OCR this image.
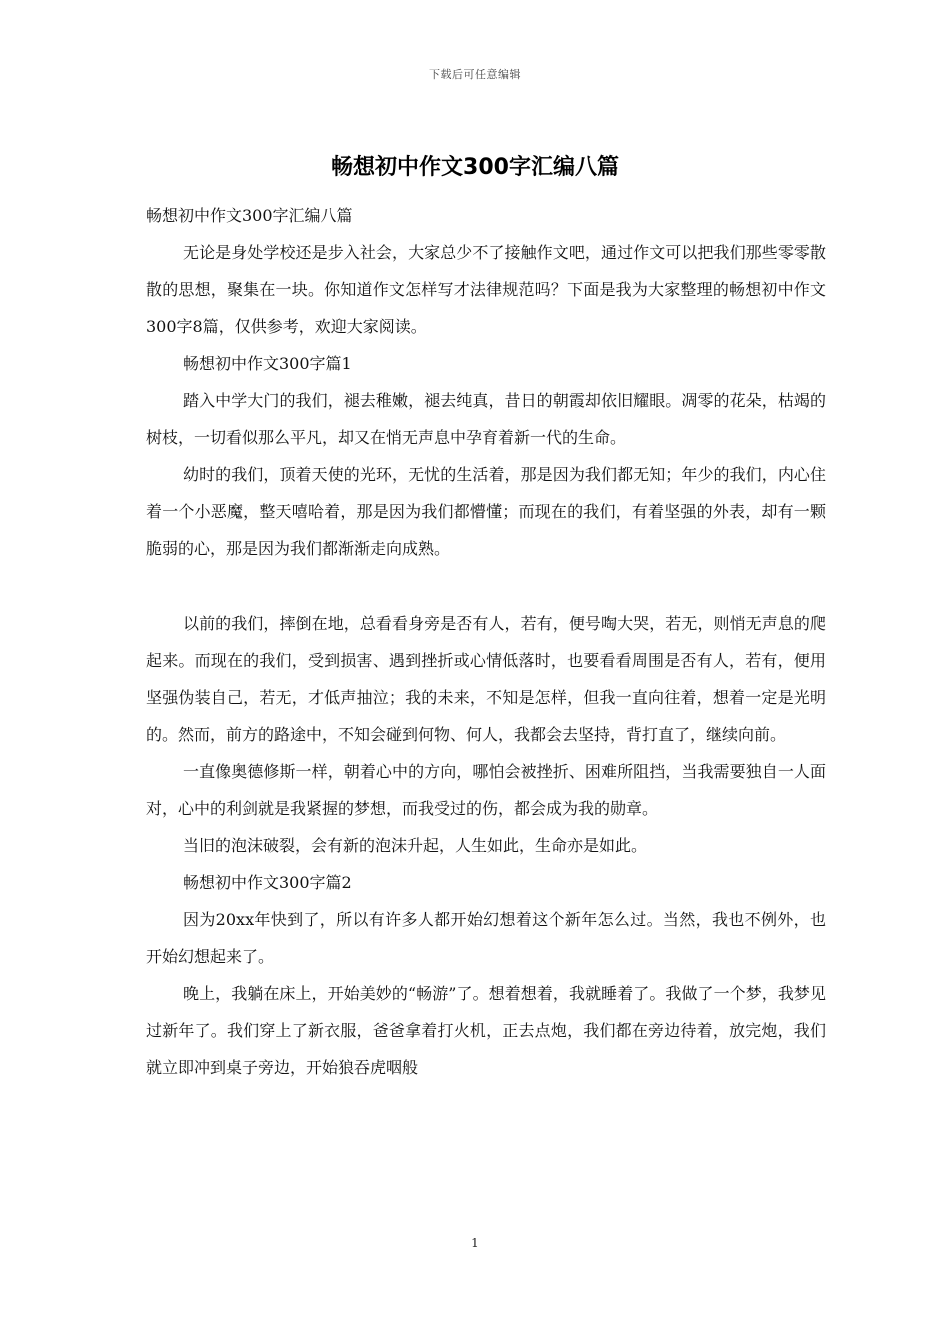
下载后可任意编辑
畅想初中作文300字汇编八篇

畅想初中作文300字汇编八篇

无论是身处学校还是步入社会，大家总少不了接触作文吧，通过作文可以把我们那些零零散散的思想，聚集在一块。你知道作文怎样写才法律规范吗？下面是我为大家整理的畅想初中作文300字8篇，仅供参考，欢迎大家阅读。

畅想初中作文300字篇1

踏入中学大门的我们，褪去稚嫩，褪去纯真，昔日的朝霞却依旧耀眼。凋零的花朵，枯竭的树枝，一切看似那么平凡，却又在悄无声息中孕育着新一代的生命。

幼时的我们，顶着天使的光环，无忧的生活着，那是因为我们都无知；年少的我们，内心住着一个小恶魔，整天嘻哈着，那是因为我们都懵懂；而现在的我们，有着坚强的外表，却有一颗脆弱的心，那是因为我们都渐渐走向成熟。

以前的我们，摔倒在地，总看看身旁是否有人，若有，便号啕大哭，若无，则悄无声息的爬起来。而现在的我们，受到损害、遇到挫折或心情低落时，也要看看周围是否有人，若有，便用坚强伪装自己，若无，才低声抽泣；我的未来，不知是怎样，但我一直向往着，想着一定是光明的。然而，前方的路途中，不知会碰到何物、何人，我都会去坚持，背打直了，继续向前。

一直像奥德修斯一样，朝着心中的方向，哪怕会被挫折、困难所阻挡，当我需要独自一人面对，心中的利剑就是我紧握的梦想，而我受过的伤，都会成为我的勋章。

当旧的泡沫破裂，会有新的泡沫升起，人生如此，生命亦是如此。

畅想初中作文300字篇2

因为20xx年快到了，所以有许多人都开始幻想着这个新年怎么过。当然，我也不例外，也开始幻想起来了。

晚上，我躺在床上，开始美妙的“畅游”了。想着想着，我就睡着了。我做了一个梦，我梦见过新年了。我们穿上了新衣服，爸爸拿着打火机，正去点炮，我们都在旁边待着，放完炮，我们就立即冲到桌子旁边，开始狼吞虎咽般

1
